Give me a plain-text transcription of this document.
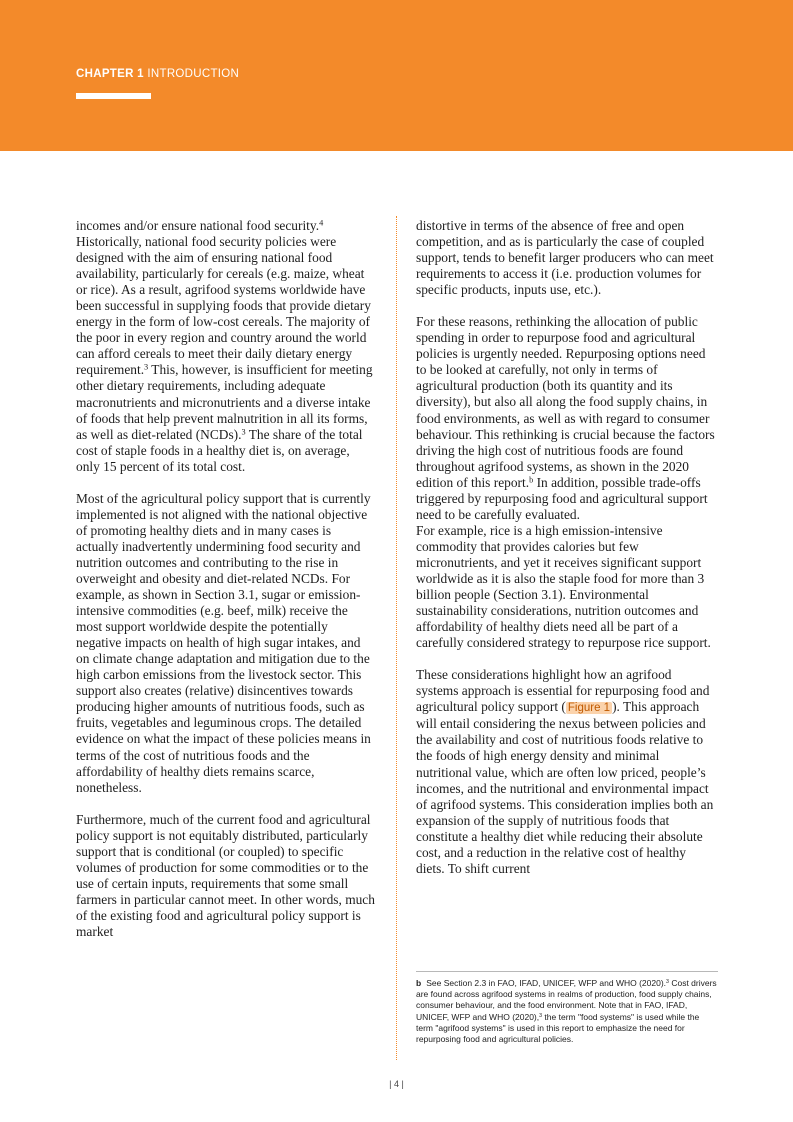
CHAPTER 1 INTRODUCTION

incomes and/or ensure national food security.$^4$ Historically, national food security policies were designed with the aim of ensuring national food availability, particularly for cereals (e.g. maize, wheat or rice). As a result, agrifood systems worldwide have been successful in supplying foods that provide dietary energy in the form of low-cost cereals. The majority of the poor in every region and country around the world can afford cereals to meet their daily dietary energy requirement.$^3$ This, however, is insufficient for meeting other dietary requirements, including adequate macronutrients and micronutrients and a diverse intake of foods that help prevent malnutrition in all its forms, as well as diet-related (NCDs).$^3$ The share of the total cost of staple foods in a healthy diet is, on average, only 15 percent of its total cost.

Most of the agricultural policy support that is currently implemented is not aligned with the national objective of promoting healthy diets and in many cases is actually inadvertently undermining food security and nutrition outcomes and contributing to the rise in overweight and obesity and diet-related NCDs. For example, as shown in Section 3.1, sugar or emission-intensive commodities (e.g. beef, milk) receive the most support worldwide despite the potentially negative impacts on health of high sugar intakes, and on climate change adaptation and mitigation due to the high carbon emissions from the livestock sector. This support also creates (relative) disincentives towards producing higher amounts of nutritious foods, such as fruits, vegetables and leguminous crops. The detailed evidence on what the impact of these policies means in terms of the cost of nutritious foods and the affordability of healthy diets remains scarce, nonetheless.

Furthermore, much of the current food and agricultural policy support is not equitably distributed, particularly support that is conditional (or coupled) to specific volumes of production for some commodities or to the use of certain inputs, requirements that some small farmers in particular cannot meet. In other words, much of the existing food and agricultural policy support is market

distortive in terms of the absence of free and open competition, and as is particularly the case of coupled support, tends to benefit larger producers who can meet requirements to access it (i.e. production volumes for specific products, inputs use, etc.).

For these reasons, rethinking the allocation of public spending in order to repurpose food and agricultural policies is urgently needed. Repurposing options need to be looked at carefully, not only in terms of agricultural production (both its quantity and its diversity), but also all along the food supply chains, in food environments, as well as with regard to consumer behaviour. This rethinking is crucial because the factors driving the high cost of nutritious foods are found throughout agrifood systems, as shown in the 2020 edition of this report.$^b$ In addition, possible trade-offs triggered by repurposing food and agricultural support need to be carefully evaluated.
For example, rice is a high emission-intensive commodity that provides calories but few micronutrients, and yet it receives significant support worldwide as it is also the staple food for more than 3 billion people (Section 3.1). Environmental sustainability considerations, nutrition outcomes and affordability of healthy diets need all be part of a carefully considered strategy to repurpose rice support.

These considerations highlight how an agrifood systems approach is essential for repurposing food and agricultural policy support ( Figure 1 ). This approach will entail considering the nexus between policies and the availability and cost of nutritious foods relative to the foods of high energy density and minimal nutritional value, which are often low priced, people’s incomes, and the nutritional and environmental impact of agrifood systems. This consideration implies both an expansion of the supply of nutritious foods that constitute a healthy diet while reducing their absolute cost, and a reduction in the relative cost of healthy diets. To shift current

b See Section 2.3 in FAO, IFAD, UNICEF, WFP and WHO (2020).$^3$ Cost drivers are found across agrifood systems in realms of production, food supply chains, consumer behaviour, and the food environment. Note that in FAO, IFAD, UNICEF, WFP and WHO (2020),$^3$ the term "food systems" is used while the term "agrifood systems" is used in this report to emphasize the need for repurposing food and agricultural policies.
| 4 |
